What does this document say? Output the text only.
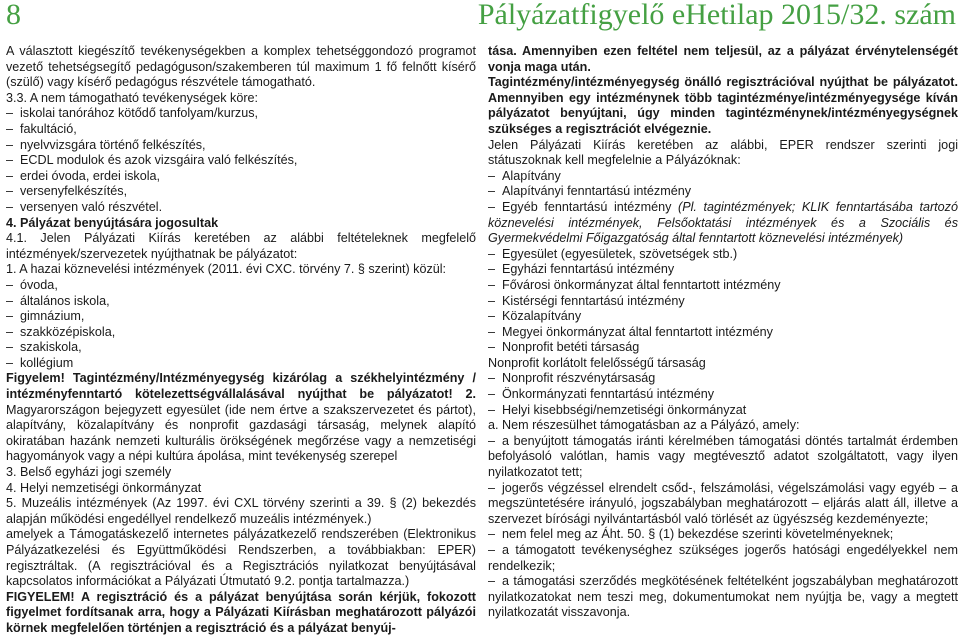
8	Pályázatfigyelő eHetilap 2015/32. szám

A választott kiegészítő tevékenységekben a komplex tehetséggondozó programot vezető tehetségsegítő pedagóguson/szakemberen túl maximum 1 fő felnőtt kísérő (szülő) vagy kísérő pedagógus részvétele támogatható.

3.3. A nem támogatható tevékenységek köre:

– iskolai tanórához kötődő tanfolyam/kurzus,

– fakultáció,

– nyelvvizsgára történő felkészítés,

– ECDL modulok és azok vizsgáira való felkészítés,

– erdei óvoda, erdei iskola,

– versenyfelkészítés,

– versenyen való részvétel.

4. Pályázat benyújtására jogosultak

4.1. Jelen Pályázati Kiírás keretében az alábbi feltételeknek megfelelő intézmények/szervezetek nyújthatnak be pályázatot:

1. A hazai köznevelési intézmények (2011. évi CXC. törvény 7. § szerint) közül:

– óvoda,

– általános iskola,

– gimnázium,

– szakközépiskola,

– szakiskola,

– kollégium

Figyelem! Tagintézmény/Intézményegység kizárólag a székhelyintézmény / intézményfenntartó kötelezettségvállalásával nyújthat be pályázatot! 2. Magyarországon bejegyzett egyesület (ide nem értve a szakszervezetet és pártot), alapítvány, közalapítvány és nonprofit gazdasági társaság, melynek alapító okiratában hazánk nemzeti kulturális örökségének megőrzése vagy a nemzetiségi hagyományok vagy a népi kultúra ápolása, mint tevékenység szerepel

3. Belső egyházi jogi személy

4. Helyi nemzetiségi önkormányzat

5. Muzeális intézmények (Az 1997. évi CXL törvény szerinti a 39. § (2) bekezdés alapján működési engedéllyel rendelkező muzeális intézmények.)

amelyek a Támogatáskezelő internetes pályázatkezelő rendszerében (Elektronikus Pályázatkezelési és Együttműködési Rendszerben, a továbbiakban: EPER) regisztráltak. (A regisztrációval és a Regisztrációs nyilatkozat benyújtásával kapcsolatos információkat a Pályázati Útmutató 9.2. pontja tartalmazza.)

FIGYELEM! A regisztráció és a pályázat benyújtása során kérjük, fokozott figyelmet fordítsanak arra, hogy a Pályázati Kiírásban meghatározott pályázói körnek megfelelően történjen a regisztráció és a pályázat benyúj-

tása. Amennyiben ezen feltétel nem teljesül, az a pályázat érvénytelenségét vonja maga után.

Tagintézmény/intézményegység önálló regisztrációval nyújthat be pályázatot. Amennyiben egy intézménynek több tagintézménye/intézményegysége kíván pályázatot benyújtani, úgy minden tagintézménynek/intézményegységnek szükséges a regisztrációt elvégeznie.

Jelen Pályázati Kiírás keretében az alábbi, EPER rendszer szerinti jogi státuszoknak kell megfelelnie a Pályázóknak:

– Alapítvány

– Alapítványi fenntartású intézmény

– Egyéb fenntartású intézmény (Pl. tagintézmények; KLIK fenntartásába tartozó köznevelési intézmények, Felsőoktatási intézmények és a Szociális és Gyermekvédelmi Főigazgatóság által fenntartott köznevelési intézmények)

– Egyesület (egyesületek, szövetségek stb.)

– Egyházi fenntartású intézmény

– Fővárosi önkormányzat által fenntartott intézmény

– Kistérségi fenntartású intézmény

– Közalapítvány

– Megyei önkormányzat által fenntartott intézmény

– Nonprofit betéti társaság

Nonprofit korlátolt felelősségű társaság

– Nonprofit részvénytársaság

– Önkormányzati fenntartású intézmény

– Helyi kisebbségi/nemzetiségi önkormányzat

a. Nem részesülhet támogatásban az a Pályázó, amely:

– a benyújtott támogatás iránti kérelmében támogatási döntés tartalmát érdemben befolyásoló valótlan, hamis vagy megtévesztő adatot szolgáltatott, vagy ilyen nyilatkozatot tett;

– jogerős végzéssel elrendelt csőd-, felszámolási, végelszámolási vagy egyéb – a megszüntetésére irányuló, jogszabályban meghatározott – eljárás alatt áll, illetve a szervezet bírósági nyilvántartásból való törlését az ügyészség kezdeményezte;

– nem felel meg az Áht. 50. § (1) bekezdése szerinti követelményeknek;

– a támogatott tevékenységhez szükséges jogerős hatósági engedélyekkel nem rendelkezik;

– a támogatási szerződés megkötésének feltételként jogszabályban meghatározott nyilatkozatokat nem teszi meg, dokumentumokat nem nyújtja be, vagy a megtett nyilatkozatát visszavonja.
